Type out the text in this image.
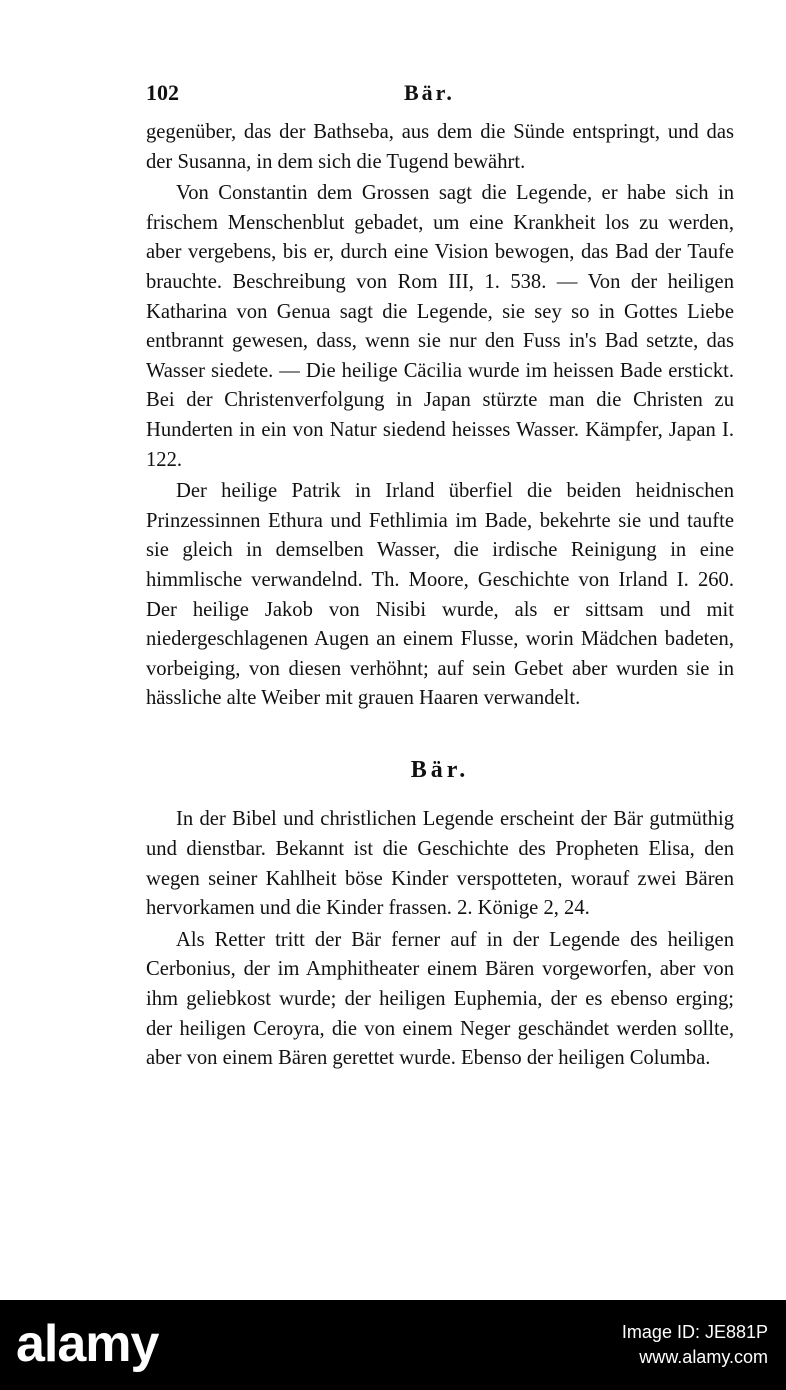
102	Bär.

gegenüber, das der Bathseba, aus dem die Sünde entspringt, und das der Susanna, in dem sich die Tugend bewährt.

Von Constantin dem Grossen sagt die Legende, er habe sich in frischem Menschenblut gebadet, um eine Krankheit los zu werden, aber vergebens, bis er, durch eine Vision bewogen, das Bad der Taufe brauchte. Beschreibung von Rom III, 1. 538. — Von der heiligen Katharina von Genua sagt die Legende, sie sey so in Gottes Liebe entbrannt gewesen, dass, wenn sie nur den Fuss in's Bad setzte, das Wasser siedete. — Die heilige Cäcilia wurde im heissen Bade erstickt. Bei der Christenverfolgung in Japan stürzte man die Christen zu Hunderten in ein von Natur siedend heisses Wasser. Kämpfer, Japan I. 122.

Der heilige Patrik in Irland überfiel die beiden heidnischen Prinzessinnen Ethura und Fethlimia im Bade, bekehrte sie und taufte sie gleich in demselben Wasser, die irdische Reinigung in eine himmlische verwandelnd. Th. Moore, Geschichte von Irland I. 260. Der heilige Jakob von Nisibi wurde, als er sittsam und mit niedergeschlagenen Augen an einem Flusse, worin Mädchen badeten, vorbeiging, von diesen verhöhnt; auf sein Gebet aber wurden sie in hässliche alte Weiber mit grauen Haaren verwandelt.

Bär.

In der Bibel und christlichen Legende erscheint der Bär gutmüthig und dienstbar. Bekannt ist die Geschichte des Propheten Elisa, den wegen seiner Kahlheit böse Kinder verspotteten, worauf zwei Bären hervorkamen und die Kinder frassen. 2. Könige 2, 24.

Als Retter tritt der Bär ferner auf in der Legende des heiligen Cerbonius, der im Amphitheater einem Bären vorgeworfen, aber von ihm geliebkost wurde; der heiligen Euphemia, der es ebenso erging; der heiligen Ceroyra, die von einem Neger geschändet werden sollte, aber von einem Bären gerettet wurde. Ebenso der heiligen Columba.

alamy	Image ID: JE881P
www.alamy.com
